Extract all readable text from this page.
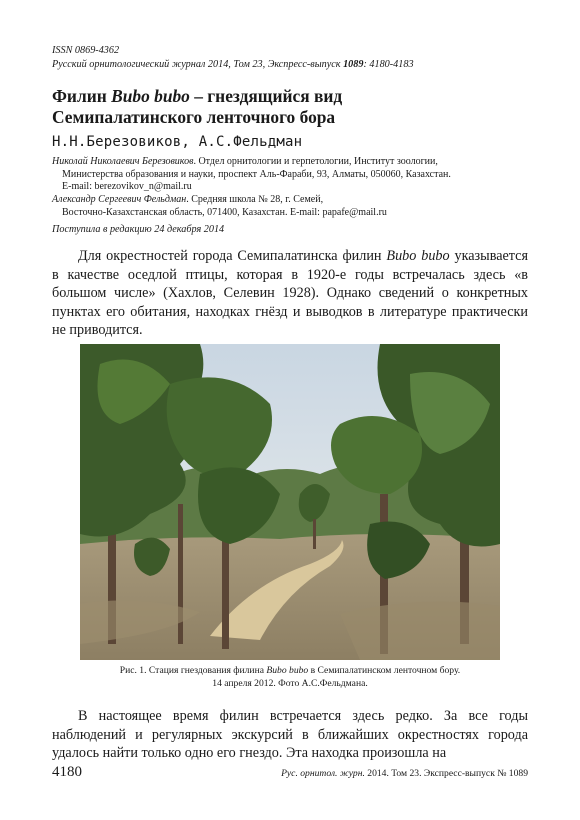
ISSN 0869-4362
Русский орнитологический журнал 2014, Том 23, Экспресс-выпуск 1089: 4180-4183
Филин Bubo bubo – гнездящийся вид
Семипалатинского ленточного бора
Н.Н.Березовиков, А.С.Фельдман

Николай Николаевич Березовиков. Отдел орнитологии и герпетологии, Институт зоологии,

Министерства образования и науки, проспект Аль-Фараби, 93, Алматы, 050060, Казахстан.

E-mail: berezovikov_n@mail.ru

Александр Сергеевич Фельдман. Средняя школа № 28, г. Семей,

Восточно-Казахстанская область, 071400, Казахстан. E-mail: papafe@mail.ru

Поступила в редакцию 24 декабря 2014

Для окрестностей города Семипалатинска филин Bubo bubo указывается в качестве оседлой птицы, которая в 1920-е годы встречалась здесь «в большом числе» (Хахлов, Селевин 1928). Однако сведений о конкретных пунктах его обитания, находках гнёзд и выводков в литературе практически не приводится.

Рис. 1. Стация гнездования филина Bubo bubo в Семипалатинском ленточном бору.
14 апреля 2012. Фото А.С.Фельдмана.

В настоящее время филин встречается здесь редко. За все годы наблюдений и регулярных экскурсий в ближайших окрестностях города удалось найти только одно его гнездо. Эта находка произошла на

4180	Рус. орнитол. журн. 2014. Том 23. Экспресс-выпуск № 1089
